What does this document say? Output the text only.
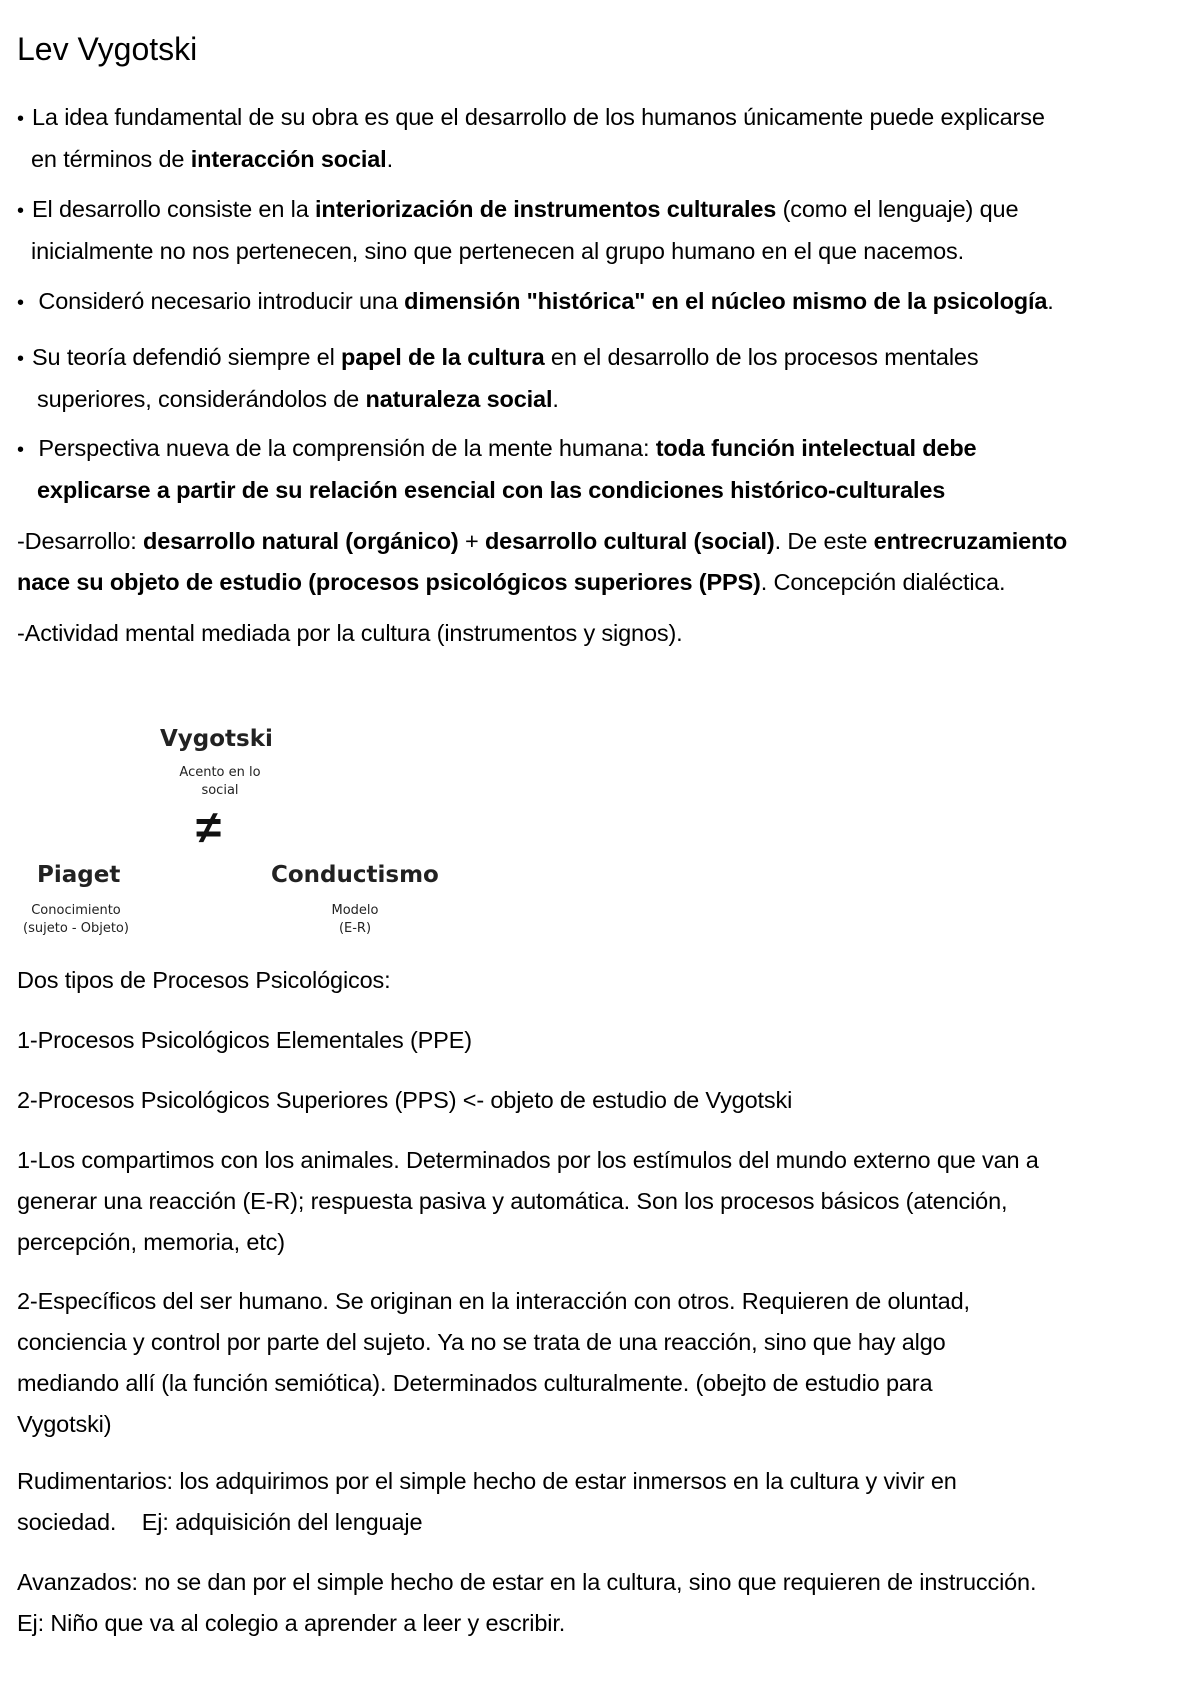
Lev Vygotski
• La idea fundamental de su obra es que el desarrollo de los humanos únicamente puede explicarse
en términos de interacción social.
• El desarrollo consiste en la interiorización de instrumentos culturales (como el lenguaje) que
inicialmente no nos pertenecen, sino que pertenecen al grupo humano en el que nacemos.
• Consideró necesario introducir una dimensión "histórica" en el núcleo mismo de la psicología.
• Su teoría defendió siempre el papel de la cultura en el desarrollo de los procesos mentales
superiores, considerándolos de naturaleza social.
• Perspectiva nueva de la comprensión de la mente humana: toda función intelectual debe
explicarse a partir de su relación esencial con las condiciones histórico-culturales
-Desarrollo: desarrollo natural (orgánico) + desarrollo cultural (social). De este entrecruzamiento
nace su objeto de estudio (procesos psicológicos superiores (PPS). Concepción dialéctica.
-Actividad mental mediada por la cultura (instrumentos y signos).
Vygotski
Acento en lo
social
≠
Piaget
Conocimiento
(sujeto - Objeto)
Conductismo
Modelo
(E-R)
Dos tipos de Procesos Psicológicos:
1-Procesos Psicológicos Elementales (PPE)
2-Procesos Psicológicos Superiores (PPS) <- objeto de estudio de Vygotski
1-Los compartimos con los animales. Determinados por los estímulos del mundo externo que van a
generar una reacción (E-R); respuesta pasiva y automática. Son los procesos básicos (atención,
percepción, memoria, etc)
2-Específicos del ser humano. Se originan en la interacción con otros. Requieren de oluntad,
conciencia y control por parte del sujeto. Ya no se trata de una reacción, sino que hay algo
mediando allí (la función semiótica). Determinados culturalmente. (obejto de estudio para
Vygotski)
Rudimentarios: los adquirimos por el simple hecho de estar inmersos en la cultura y vivir en
sociedad.    Ej: adquisición del lenguaje
Avanzados: no se dan por el simple hecho de estar en la cultura, sino que requieren de instrucción.
Ej: Niño que va al colegio a aprender a leer y escribir.
